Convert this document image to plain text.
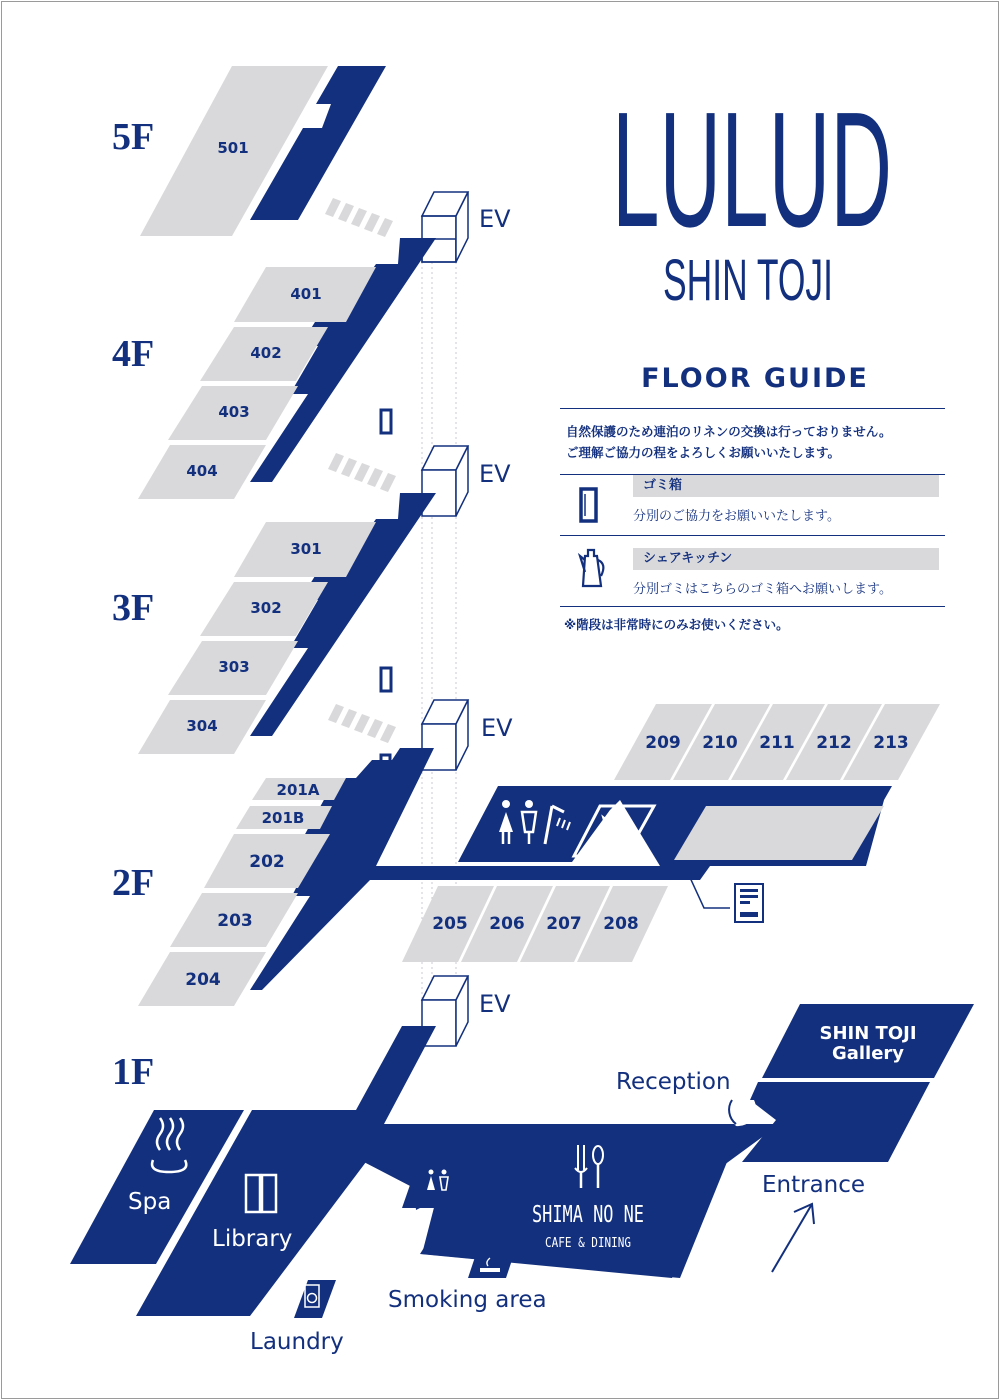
FLOOR GUIDE
自然保護のため連泊のリネンの交換は行っておりません。
ご理解ご協力の程をよろしくお願いいたします。
ゴミ箱
分別のご協力をお願いいたします。
シェアキッチン
分別ゴミはこちらのゴミ箱へお願いします。
※階段は非常時にのみお使いください。
LULUD
SHIN TOJI
5F
4F
3F
2F
1F
501
EV
401
402
403
404	EV
301
302
303
304	EV
201A
201B
202
203
204
209 210 211 212 213
205 206 207 208
EV
Spa
Library
Laundry
SHIMA NO NE
CAFE & DINING
Smoking area
Reception
SHIN TOJI
Gallery
Entrance
